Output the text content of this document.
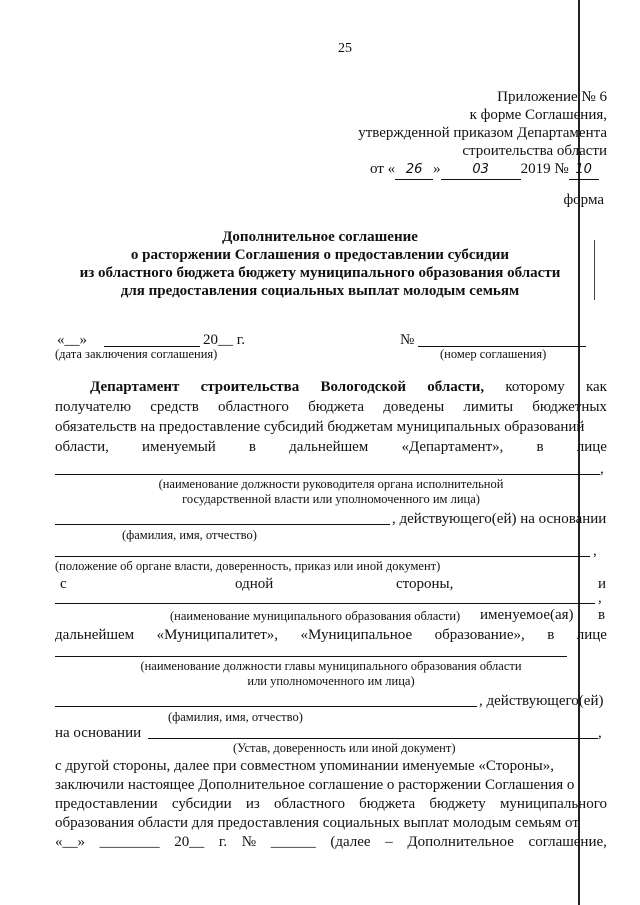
25
Приложение № 6
к форме Соглашения,
утвержденной приказом Департамента
строительства области
от « 26 » 03 2019 № 10
форма
Дополнительное соглашение
о расторжении Соглашения о предоставлении субсидии
из областного бюджета бюджету муниципального образования области
для предоставления социальных выплат молодым семьям
«__»	20__ г.	№
(дата заключения соглашения)	(номер соглашения)
Департамент строительства Вологодской области, которому как
получателю средств областного бюджета доведены лимиты бюджетных
обязательств на предоставление субсидий бюджетам муниципальных образований
области, именуемый в дальнейшем «Департамент», в лице
,
(наименование должности руководителя органа исполнительной
государственной власти или уполномоченного им лица)
, действующего(ей) на основании
(фамилия, имя, отчество)
,
(положение об органе власти, доверенность, приказ или иной документ)
с	одной	стороны,	и
,
(наименование муниципального образования области) именуемое(ая) в
дальнейшем «Муниципалитет», «Муниципальное образование», в лице
(наименование должности главы муниципального образования области
или уполномоченного им лица)
, действующего(ей)
(фамилия, имя, отчество)
на основании	,
(Устав, доверенность или иной документ)
с другой стороны, далее при совместном упоминании именуемые «Стороны»,
заключили настоящее Дополнительное соглашение о расторжении Соглашения о
предоставлении субсидии из областного бюджета бюджету муниципального
образования области для предоставления социальных выплат молодым семьям от
«__» ________ 20__ г. № ______ (далее – Дополнительное соглашение,
